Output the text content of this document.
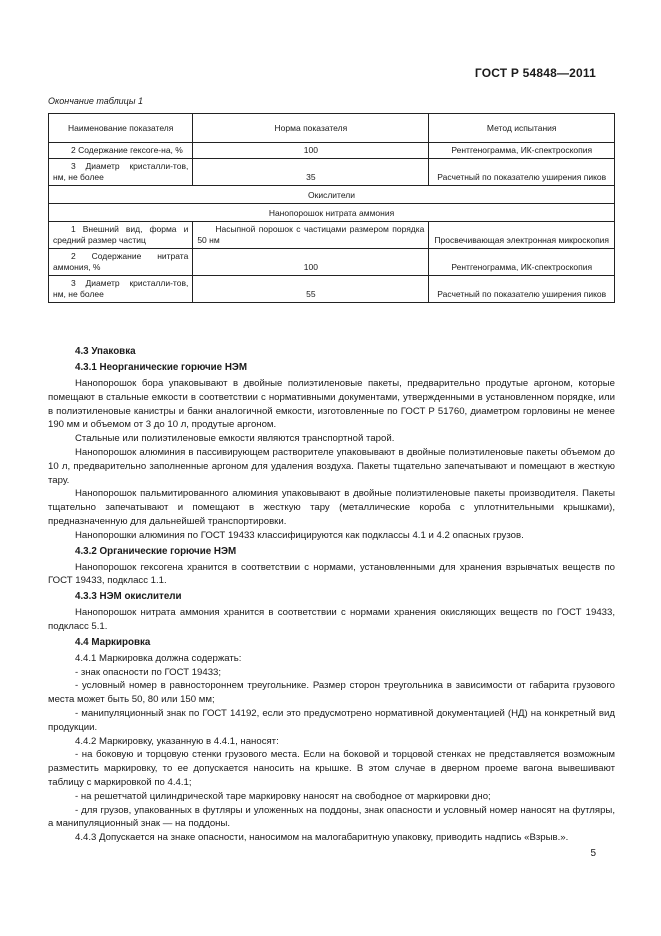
ГОСТ Р 54848—2011
Окончание таблицы 1
Наименование показателя	Норма показателя	Метод испытания
2 Содержание гексоге-на, %	100	Рентгенограмма, ИК-спектроскопия
3 Диаметр кристалли-тов, нм, не более	35	Расчетный по показателю уширения пиков
Окислители		
Нанопорошок нитрата аммония		
1 Внешний вид, форма и средний размер частиц	Насыпной порошок с частицами размером порядка 50 нм	Просвечивающая электронная микроскопия
2 Содержание нитрата аммония, %	100	Рентгенограмма, ИК-спектроскопия
3 Диаметр кристалли-тов, нм, не более	55	Расчетный по показателю уширения пиков
4.3 Упаковка
4.3.1 Неорганические горючие НЭМ

Нанопорошок бора упаковывают в двойные полиэтиленовые пакеты, предварительно продутые аргоном, которые помещают в стальные емкости в соответствии с нормативными документами, утвержденными в установленном порядке, или в полиэтиленовые канистры и банки аналогичной емкости, изготовленные по ГОСТ Р 51760, диаметром горловины не менее 190 мм и объемом от 3 до 10 л, продутые аргоном.

Стальные или полиэтиленовые емкости являются транспортной тарой.

Нанопорошок алюминия в пассивирующем растворителе упаковывают в двойные полиэтиленовые пакеты объемом до 10 л, предварительно заполненные аргоном для удаления воздуха. Пакеты тщательно запечатывают и помещают в жесткую тару.

Нанопорошок пальмитированного алюминия упаковывают в двойные полиэтиленовые пакеты производителя. Пакеты тщательно запечатывают и помещают в жесткую тару (металлические короба с уплотнительными крышками), предназначенную для дальнейшей транспортировки.

Нанопорошки алюминия по ГОСТ 19433 классифицируются как подклассы 4.1 и 4.2 опасных грузов.

4.3.2 Органические горючие НЭМ

Нанопорошок гексогена хранится в соответствии с нормами, установленными для хранения взрывчатых веществ по ГОСТ 19433, подкласс 1.1.

4.3.3 НЭМ окислители

Нанопорошок нитрата аммония хранится в соответствии с нормами хранения окисляющих веществ по ГОСТ 19433, подкласс 5.1.

4.4 Маркировка

4.4.1 Маркировка должна содержать:

- знак опасности по ГОСТ 19433;

- условный номер в равностороннем треугольнике. Размер сторон треугольника в зависимости от габарита грузового места может быть 50, 80 или 150 мм;

- манипуляционный знак по ГОСТ 14192, если это предусмотрено нормативной документацией (НД) на конкретный вид продукции.

4.4.2 Маркировку, указанную в 4.4.1, наносят:

- на боковую и торцовую стенки грузового места. Если на боковой и торцовой стенках не представляется возможным разместить маркировку, то ее допускается наносить на крышке. В этом случае в дверном проеме вагона вывешивают таблицу с маркировкой по 4.4.1;

- на решетчатой цилиндрической таре маркировку наносят на свободное от маркировки дно;

- для грузов, упакованных в футляры и уложенных на поддоны, знак опасности и условный номер наносят на футляры, а манипуляционный знак — на поддоны.

4.4.3 Допускается на знаке опасности, наносимом на малогабаритную упаковку, приводить надпись «Взрыв.».

5
